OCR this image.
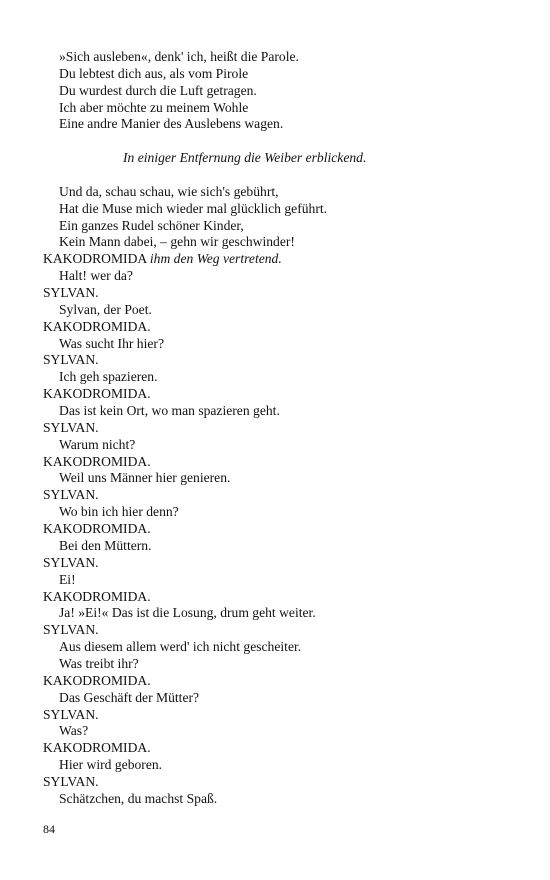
»Sich ausleben«, denk' ich, heißt die Parole.
Du lebtest dich aus, als vom Pirole
Du wurdest durch die Luft getragen.
Ich aber möchte zu meinem Wohle
Eine andre Manier des Auslebens wagen.
In einiger Entfernung die Weiber erblickend.
Und da, schau schau, wie sich's gebührt,
Hat die Muse mich wieder mal glücklich geführt.
Ein ganzes Rudel schöner Kinder,
Kein Mann dabei, – gehn wir geschwinder!
KAKODROMIDA ihm den Weg vertretend.
Halt! wer da?
SYLVAN.
Sylvan, der Poet.
KAKODROMIDA.
Was sucht Ihr hier?
SYLVAN.
Ich geh spazieren.
KAKODROMIDA.
Das ist kein Ort, wo man spazieren geht.
SYLVAN.
Warum nicht?
KAKODROMIDA.
Weil uns Männer hier genieren.
SYLVAN.
Wo bin ich hier denn?
KAKODROMIDA.
Bei den Müttern.
SYLVAN.
Ei!
KAKODROMIDA.
Ja! »Ei!« Das ist die Losung, drum geht weiter.
SYLVAN.
Aus diesem allem werd' ich nicht gescheiter.
Was treibt ihr?
KAKODROMIDA.
Das Geschäft der Mütter?
SYLVAN.
Was?
KAKODROMIDA.
Hier wird geboren.
SYLVAN.
Schätzchen, du machst Spaß.
84
